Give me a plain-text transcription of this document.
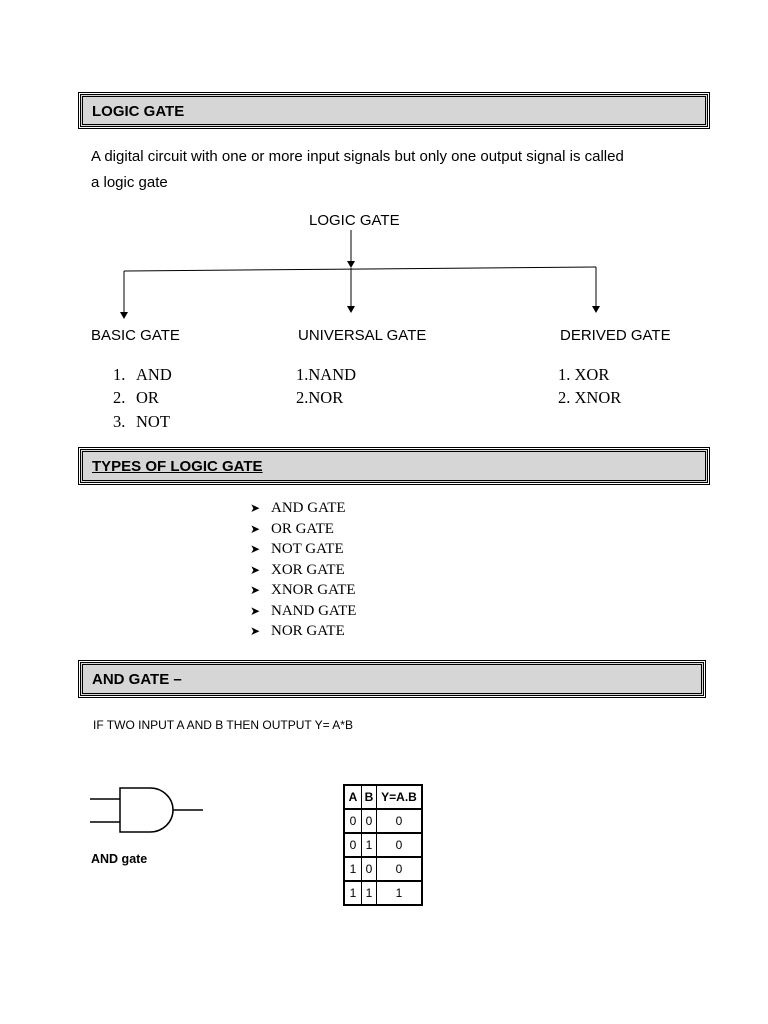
LOGIC GATE
A digital circuit with one or more input signals but only one output signal is called
a logic gate
LOGIC GATE
BASIC GATE	UNIVERSAL GATE	DERIVED GATE
1. AND
2. OR
3. NOT
1.NAND
2.NOR
1. XOR
2. XNOR
TYPES OF LOGIC GATE
➤ AND GATE
➤ OR GATE
➤ NOT GATE
➤ XOR GATE
➤ XNOR GATE
➤ NAND GATE
➤ NOR GATE
AND GATE –
IF TWO INPUT A AND B THEN OUTPUT Y= A*B
AND gate
A	B	Y=A.B
0	0	0
0	1	0
1	0	0
1	1	1
